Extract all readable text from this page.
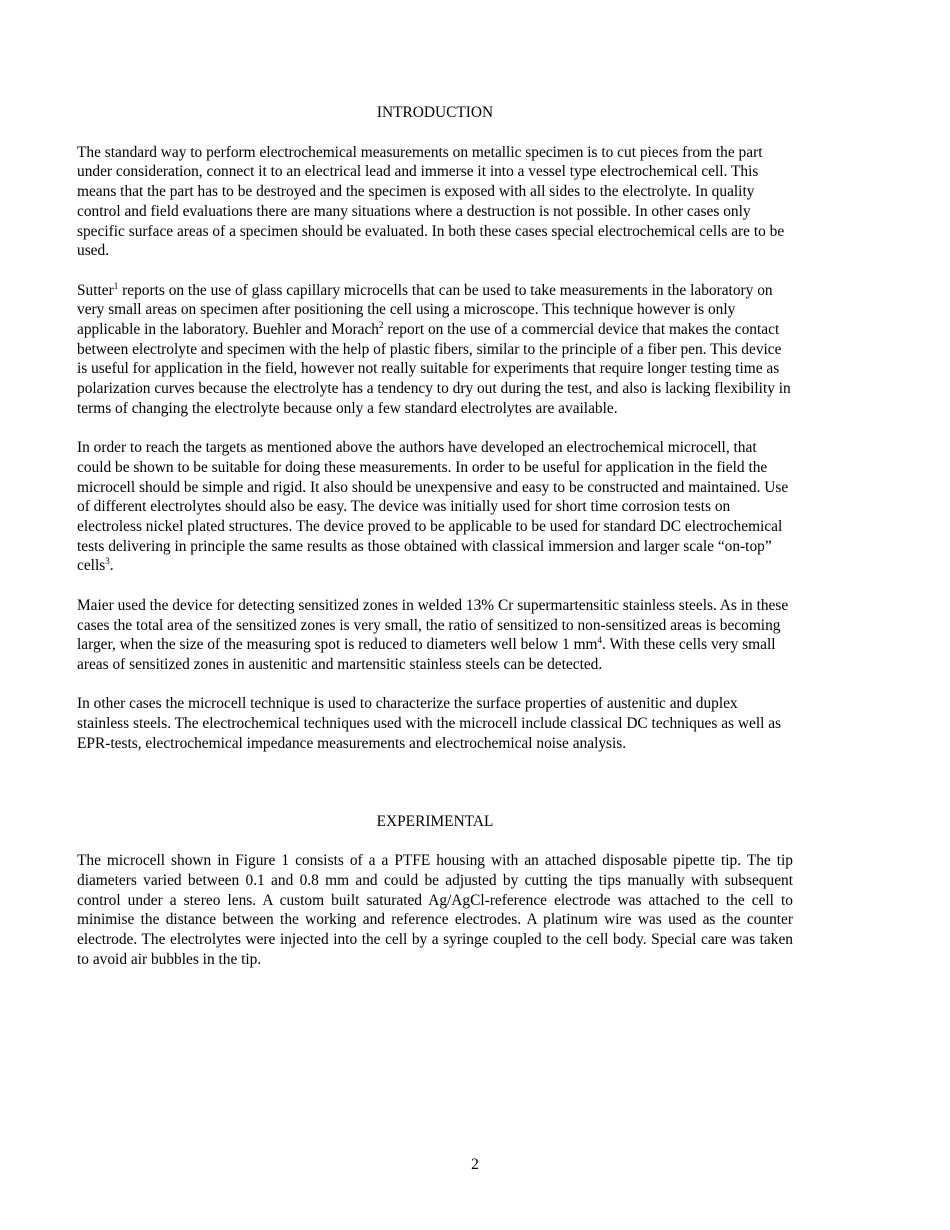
INTRODUCTION

The standard way to perform electrochemical measurements on metallic specimen is to cut pieces from the part under consideration, connect it to an electrical lead and immerse it into a vessel type electrochemical cell. This means that the part has to be destroyed and the specimen is exposed with all sides to the electrolyte. In quality control and field evaluations there are many situations where a destruction is not possible. In other cases only specific surface areas of a specimen should be evaluated. In both these cases special electrochemical cells are to be used.

Sutter$^1$ reports on the use of glass capillary microcells that can be used to take measurements in the laboratory on very small areas on specimen after positioning the cell using a microscope. This technique however is only applicable in the laboratory. Buehler and Morach$^2$ report on the use of a commercial device that makes the contact between electrolyte and specimen with the help of plastic fibers, similar to the principle of a fiber pen. This device is useful for application in the field, however not really suitable for experiments that require longer testing time as polarization curves because the electrolyte has a tendency to dry out during the test, and also is lacking flexibility in terms of changing the electrolyte because only a few standard electrolytes are available.

In order to reach the targets as mentioned above the authors have developed an electrochemical microcell, that could be shown to be suitable for doing these measurements. In order to be useful for application in the field the microcell should be simple and rigid. It also should be unexpensive and easy to be constructed and maintained. Use of different electrolytes should also be easy. The device was initially used for short time corrosion tests on electroless nickel plated structures. The device proved to be applicable to be used for standard DC electrochemical tests delivering in principle the same results as those obtained with classical immersion and larger scale “on-top” cells$^3$.

Maier used the device for detecting sensitized zones in welded 13% Cr supermartensitic stainless steels. As in these cases the total area of the sensitized zones is very small, the ratio of sensitized to non-sensitized areas is becoming larger, when the size of the measuring spot is reduced to diameters well below 1 $mm^4$. With these cells very small areas of sensitized zones in austenitic and martensitic stainless steels can be detected.

In other cases the microcell technique is used to characterize the surface properties of austenitic and duplex stainless steels. The electrochemical techniques used with the microcell include classical DC techniques as well as EPR-tests, electrochemical impedance measurements and electrochemical noise analysis.

EXPERIMENTAL

The microcell shown in Figure 1 consists of a a PTFE housing with an attached disposable pipette tip. The tip diameters varied between 0.1 and 0.8 mm and could be adjusted by cutting the tips manually with subsequent control under a stereo lens. A custom built saturated Ag/AgCl-reference electrode was attached to the cell to minimise the distance between the working and reference electrodes. A platinum wire was used as the counter electrode. The electrolytes were injected into the cell by a syringe coupled to the cell body. Special care was taken to avoid air bubbles in the tip.

2
